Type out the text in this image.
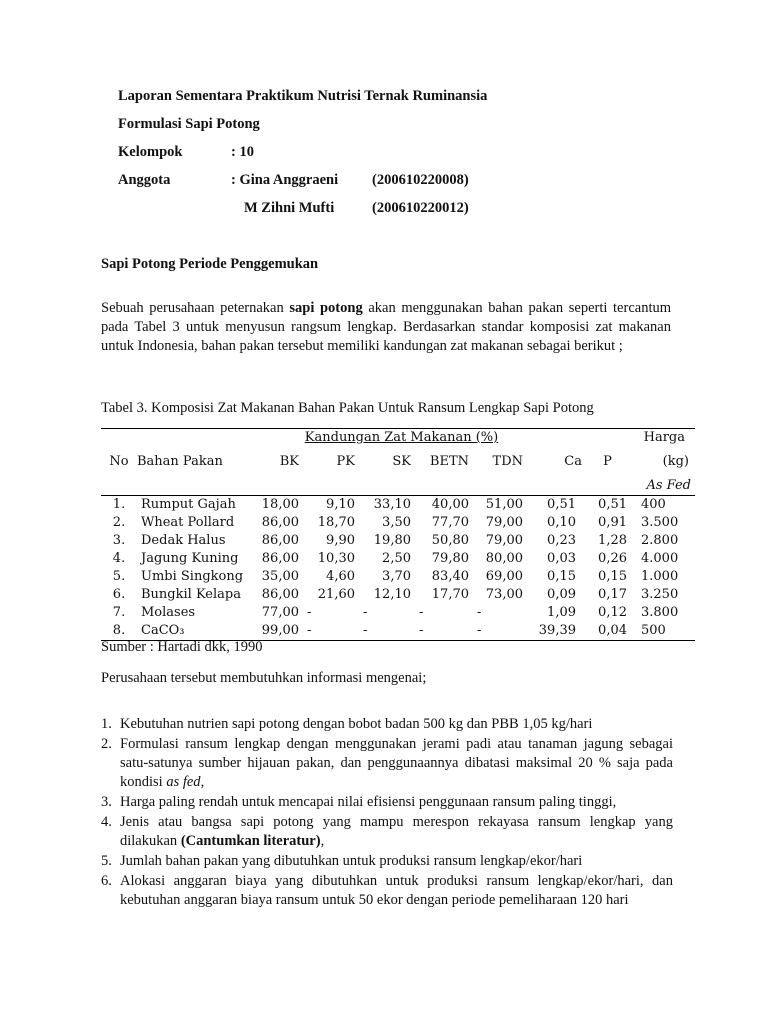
Laporan Sementara Praktikum Nutrisi Ternak Ruminansia
Formulasi Sapi Potong
Kelompok	: 10
Anggota	: Gina Anggraeni (200610220008)
M Zihni Mufti	(200610220012)
Sapi Potong Periode Penggemukan
Sebuah perusahaan peternakan sapi potong akan menggunakan bahan pakan seperti tercantum pada Tabel 3 untuk menyusun rangsum lengkap. Berdasarkan standar komposisi zat makanan untuk Indonesia, bahan pakan tersebut memiliki kandungan zat makanan sebagai berikut ;
Tabel 3. Komposisi Zat Makanan Bahan Pakan Untuk Ransum Lengkap Sapi Potong
		Kandungan Zat Makanan (%)							Harga
No	Bahan Pakan	BK	PK	SK	BETN	TDN	Ca	P	(kg)
									As Fed
1.	Rumput Gajah	18,00	9,10	33,10	40,00	51,00	0,51	0,51	400
2.	Wheat Pollard	86,00	18,70	3,50	77,70	79,00	0,10	0,91	3.500
3.	Dedak Halus	86,00	9,90	19,80	50,80	79,00	0,23	1,28	2.800
4.	Jagung Kuning	86,00	10,30	2,50	79,80	80,00	0,03	0,26	4.000
5.	Umbi Singkong	35,00	4,60	3,70	83,40	69,00	0,15	0,15	1.000
6.	Bungkil Kelapa	86,00	21,60	12,10	17,70	73,00	0,09	0,17	3.250
7.	Molases	77,00	-	-	-	-	1,09	0,12	3.800
8.	CaCO₃	99,00	-	-	-	-	39,39	0,04	500
Sumber : Hartadi dkk, 1990
Perusahaan tersebut membutuhkan informasi mengenai;
1. Kebutuhan nutrien sapi potong dengan bobot badan 500 kg dan PBB 1,05 kg/hari
2. Formulasi ransum lengkap dengan menggunakan jerami padi atau tanaman jagung sebagai satu-satunya sumber hijauan pakan, dan penggunaannya dibatasi maksimal 20 % saja pada kondisi as fed,
3. Harga paling rendah untuk mencapai nilai efisiensi penggunaan ransum paling tinggi,
4. Jenis atau bangsa sapi potong yang mampu merespon rekayasa ransum lengkap yang dilakukan (Cantumkan literatur),
5. Jumlah bahan pakan yang dibutuhkan untuk produksi ransum lengkap/ekor/hari
6. Alokasi anggaran biaya yang dibutuhkan untuk produksi ransum lengkap/ekor/hari, dan kebutuhan anggaran biaya ransum untuk 50 ekor dengan periode pemeliharaan 120 hari
